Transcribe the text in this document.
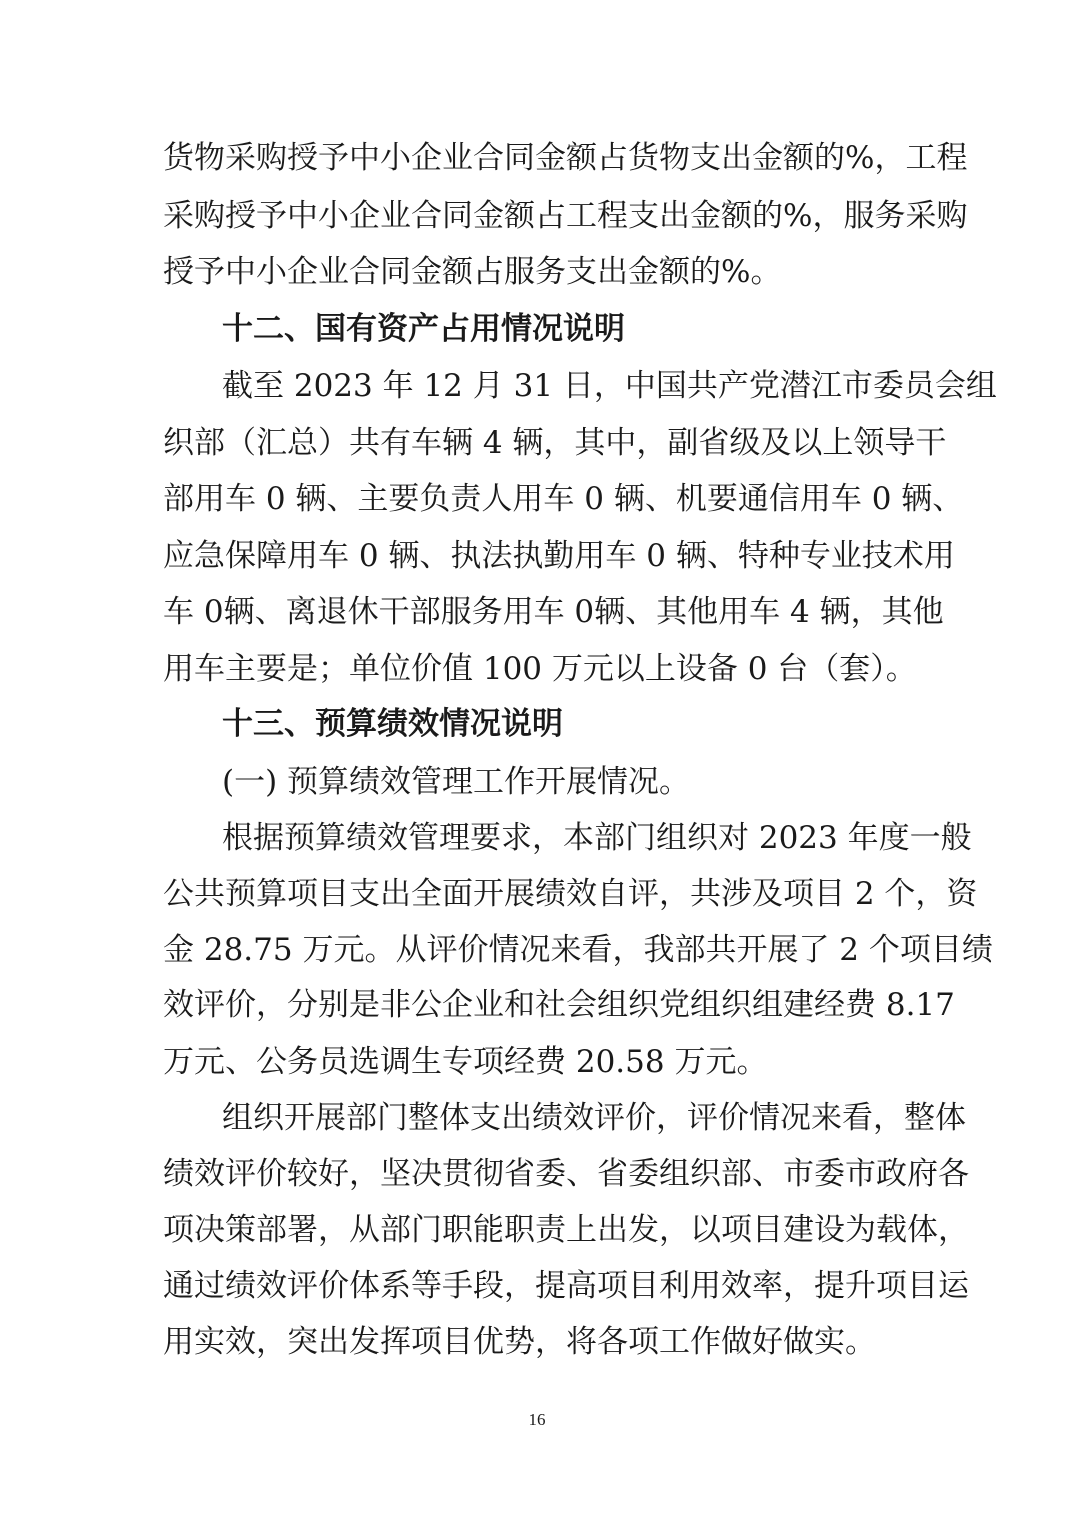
货物采购授予中小企业合同金额占货物支出金额的%，工程
采购授予中小企业合同金额占工程支出金额的%，服务采购
授予中小企业合同金额占服务支出金额的%。
十二、国有资产占用情况说明
截至 2023 年 12 月 31 日，中国共产党潜江市委员会组
织部（汇总）共有车辆 4 辆，其中，副省级及以上领导干
部用车 0 辆、主要负责人用车 0 辆、机要通信用车 0 辆、
应急保障用车 0 辆、执法执勤用车 0 辆、特种专业技术用
车 0辆、离退休干部服务用车 0辆、其他用车 4 辆，其他
用车主要是；单位价值 100 万元以上设备 0 台（套）。
十三、预算绩效情况说明
(一) 预算绩效管理工作开展情况。
根据预算绩效管理要求，本部门组织对 2023 年度一般
公共预算项目支出全面开展绩效自评，共涉及项目 2 个，资
金 28.75 万元。从评价情况来看，我部共开展了 2 个项目绩
效评价，分别是非公企业和社会组织党组织组建经费 8.17
万元、公务员选调生专项经费 20.58 万元。
组织开展部门整体支出绩效评价，评价情况来看，整体
绩效评价较好，坚决贯彻省委、省委组织部、市委市政府各
项决策部署，从部门职能职责上出发，以项目建设为载体，
通过绩效评价体系等手段，提高项目利用效率，提升项目运
用实效，突出发挥项目优势，将各项工作做好做实。
16
